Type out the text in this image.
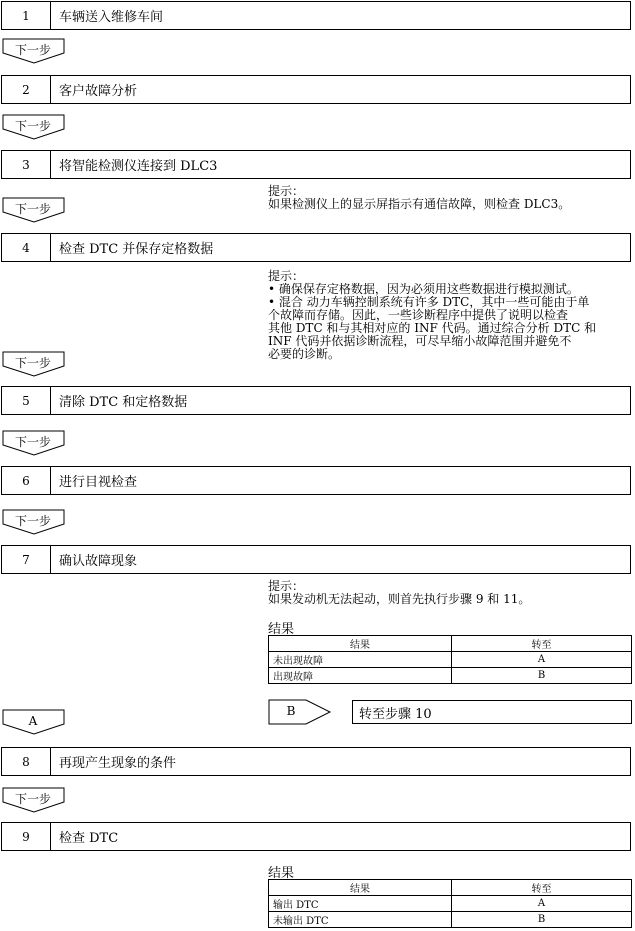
1	车辆送入维修车间
下一步
2	客户故障分析
下一步
3	将智能检测仪连接到 DLC3
提示：
如果检测仪上的显示屏指示有通信故障，则检查 DLC3。
下一步
4	检查 DTC 并保存定格数据
提示：
• 确保保存定格数据，因为必须用这些数据进行模拟测试。
• 混合 动力车辆控制系统有许多 DTC，其中一些可能由于单
个故障而存储。因此，一些诊断程序中提供了说明以检查
其他 DTC 和与其相对应的 INF 代码。通过综合分析 DTC 和
INF 代码并依据诊断流程，可尽早缩小故障范围并避免不
必要的诊断。
下一步
5	清除 DTC 和定格数据
下一步
6	进行目视检查
下一步
7	确认故障现象
提示：
如果发动机无法起动，则首先执行步骤 9 和 11。
结果
结果	转至
未出现故障	A
出现故障	B
A
B	转至步骤 10
8	再现产生现象的条件
下一步
9	检查 DTC
结果
结果	转至
输出 DTC	A
未输出 DTC	B
